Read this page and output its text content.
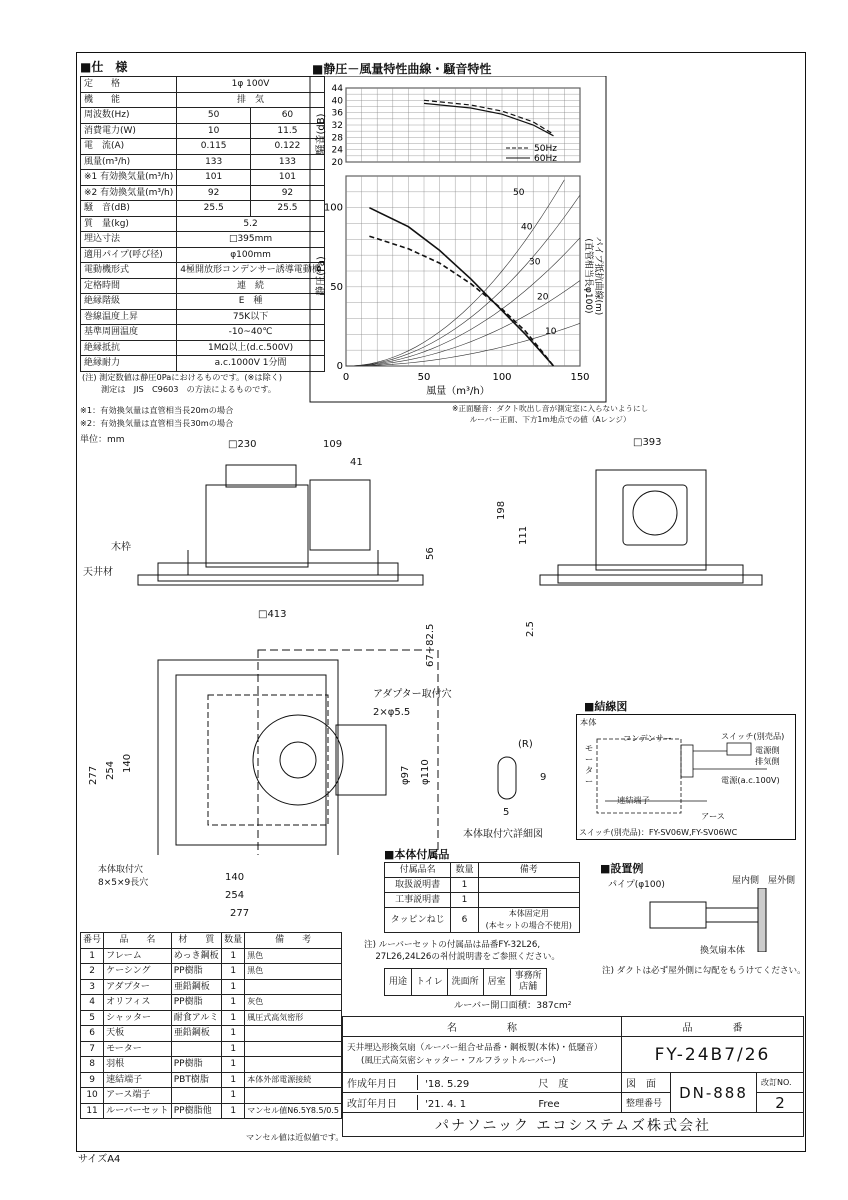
■仕　様
定　　格	1φ 100V	
機　　能	排　気	
周波数(Hz)	50	60
消費電力(W)	10	11.5
電　流(A)	0.115	0.122
風量(m³/h)	133	133
※1 有効換気量(m³/h)	101	101
※2 有効換気量(m³/h)	92	92
騒　音(dB)	25.5	25.5
質　量(kg)	5.2	
埋込寸法	□395mm	
適用パイプ(呼び径)	φ100mm	
電動機形式	4極開放形コンデンサー誘導電動機	
定格時間	連　続	
絶縁階級	E　種	
巻線温度上昇	75K以下	
基準周囲温度	-10~40℃	
絶縁抵抗	1MΩ以上(d.c.500V)	
絶縁耐力	a.c.1000V 1分間	
(注) 測定数値は静圧0Paにおけるものです。(※は除く)
　　 測定は　JIS　C9603　の方法によるものです。
※1：有効換気量は直管相当長20mの場合
※2：有効換気量は直管相当長30mの場合
単位：mm
■静圧－風量特性曲線・騒音特性
44
40
36
32
28
24
20
50Hz
60Hz
100
50
0
0	50	100	150
50
40
30
20
10
騒音(dB)
静圧(Pa)
風量（m³/h）
パイプ抵抗曲線(m)
(直管相当長φ100)
※正面騒音：ダクト吹出し音が測定室に入らないようにし
　ルーバー正面、下方1m地点での値（Aレンジ）
□230	109
41
□393
198
111
56
2.5
67~82.5
□413
木枠
天井材
アダプター取付穴
2×φ5.5
φ97 φ110
277 254 140
(R)
9
5
本体取付穴詳細図
本体取付穴
8×5×9長穴	140
254
277
■結線図
本体
モーター
コンデンサー	スイッチ(別売品)
電源側
排気側
電源(a.c.100V)
速結端子
アース
スイッチ(別売品)：FY-SV06W,FY-SV06WC
■本体付属品
付属品名	数量	備考
取扱説明書	1	
工事説明書	1	
タッピンねじ	6	本体固定用
(本セットの場合不使用)
注) ルーバーセットの付属品は品番FY-32L26,
　 27L26,24L26の취付説明書をご参照ください。
■設置例
パイプ(φ100)	屋内側 屋外側
換気扇本体
注) ダクトは必ず屋外側に勾配をもうけてください。
用途	トイレ	洗面所	居室	事務所
店舗
ルーバー開口面積：387cm²
番号	品　　名	材　　質	数量	備　　考
1	フレーム	めっき鋼板	1	黒色
2	ケーシング	PP樹脂	1	黒色
3	アダプター	亜鉛鋼板	1	
4	オリフィス	PP樹脂	1	灰色
5	シャッター	耐食アルミ	1	風圧式高気密形
6	天板	亜鉛鋼板	1	
7	モーター		1	
8	羽根	PP樹脂	1	
9	速結端子	PBT樹脂	1	本体外部電源接続
10	アース端子		1	
11	ルーバーセット	PP樹脂他	1	マンセル値N6.5Y8.5/0.5
マンセル値は近似値です。
名　　　　　称	品　　　　番		

天井埋込形換気扇（ルーバー組合せ品番・鋼板製(本体)・低騒音）
(風圧式高気密シャッター・フルフラットルーバー)	FY-24B7/26		
作成年月日 '18. 5.29 尺　度	図　面	DN-888	改訂NO.
改訂年月日 '21. 4. 1 Free	整理番号		2
パナソニック エコシステムズ株式会社			
サイズA4
